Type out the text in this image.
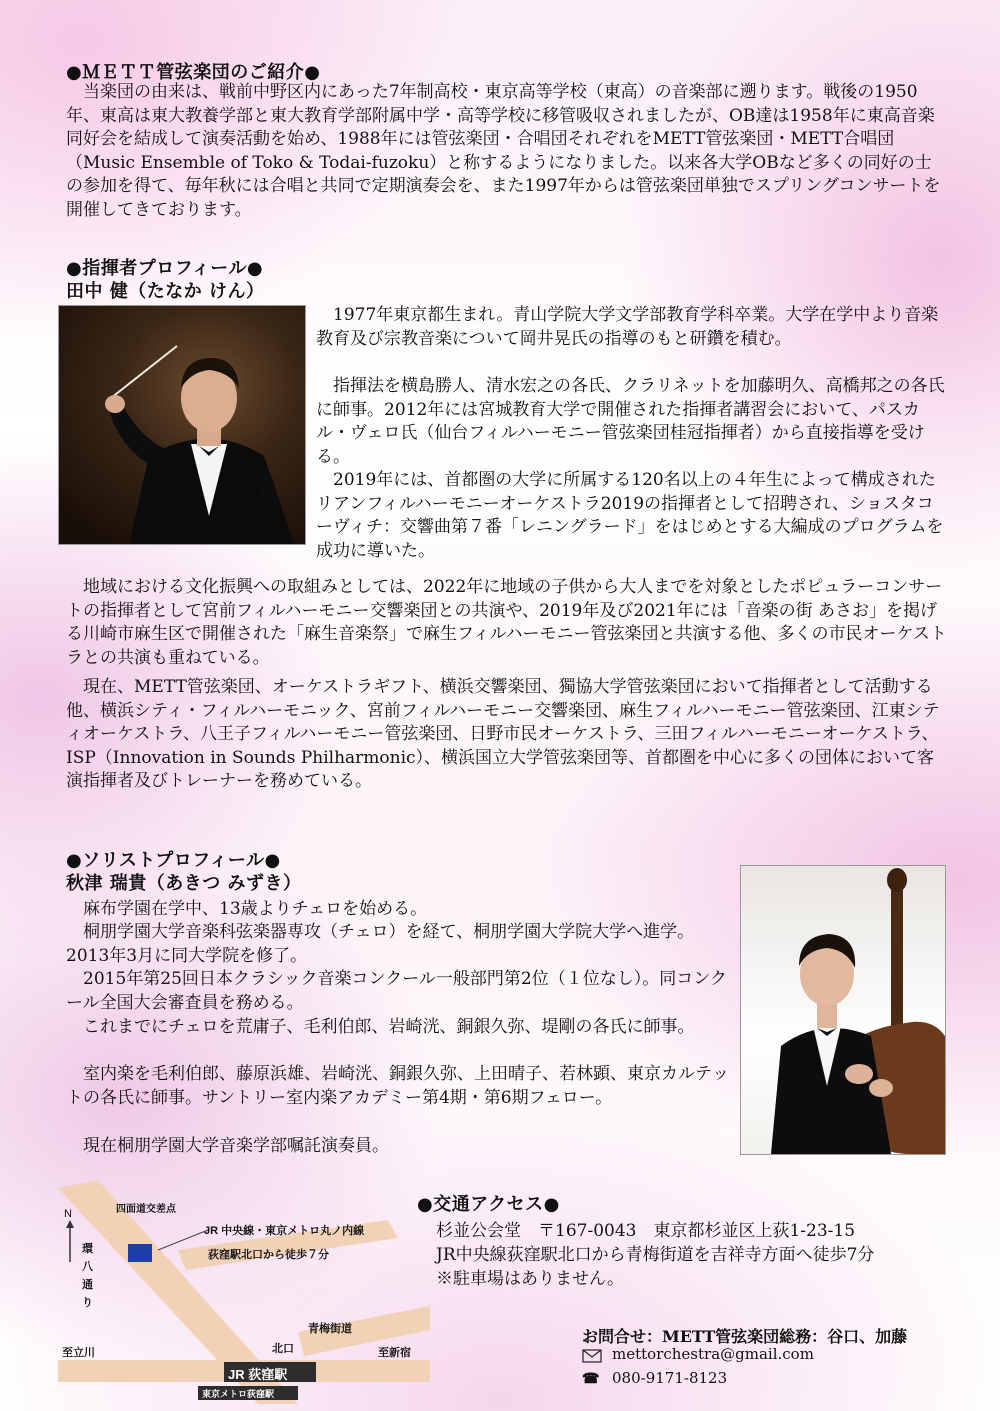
●ＭＥＴＴ管弦楽団のご紹介●

当楽団の由来は、戦前中野区内にあった7年制高校・東京高等学校（東高）の音楽部に遡ります。戦後の1950年、東高は東大教養学部と東大教育学部附属中学・高等学校に移管吸収されましたが、OB達は1958年に東高音楽同好会を結成して演奏活動を始め、1988年には管弦楽団・合唱団それぞれをMETT管弦楽団・METT合唱団（Music Ensemble of Toko & Todai-fuzoku）と称するようになりました。以来各大学OBなど多くの同好の士の参加を得て、毎年秋には合唱と共同で定期演奏会を、また1997年からは管弦楽団単独でスプリングコンサートを開催してきております。

●指揮者プロフィール●
田中 健（たなか けん）

1977年東京都生まれ。青山学院大学文学部教育学科卒業。大学在学中より音楽教育及び宗教音楽について岡井晃氏の指導のもと研鑽を積む。

指揮法を横島勝人、清水宏之の各氏、クラリネットを加藤明久、高橋邦之の各氏に師事。2012年には宮城教育大学で開催された指揮者講習会において、パスカル・ヴェロ氏（仙台フィルハーモニー管弦楽団桂冠指揮者）から直接指導を受ける。

2019年には、首都圏の大学に所属する120名以上の４年生によって構成されたリアンフィルハーモニーオーケストラ2019の指揮者として招聘され、ショスタコーヴィチ：交響曲第７番「レニングラード」をはじめとする大編成のプログラムを成功に導いた。

地域における文化振興への取組みとしては、2022年に地域の子供から大人までを対象としたポピュラーコンサートの指揮者として宮前フィルハーモニー交響楽団との共演や、2019年及び2021年には「音楽の街 あさお」を掲げる川崎市麻生区で開催された「麻生音楽祭」で麻生フィルハーモニー管弦楽団と共演する他、多くの市民オーケストラとの共演も重ねている。

現在、METT管弦楽団、オーケストラギフト、横浜交響楽団、獨協大学管弦楽団において指揮者として活動する他、横浜シティ・フィルハーモニック、宮前フィルハーモニー交響楽団、麻生フィルハーモニー管弦楽団、江東シティオーケストラ、八王子フィルハーモニー管弦楽団、日野市民オーケストラ、三田フィルハーモニーオーケストラ、ISP（Innovation in Sounds Philharmonic）、横浜国立大学管弦楽団等、首都圏を中心に多くの団体において客演指揮者及びトレーナーを務めている。

●ソリストプロフィール●
秋津 瑞貴（あきつ みずき）

麻布学園在学中、13歳よりチェロを始める。

桐朋学園大学音楽科弦楽器専攻（チェロ）を経て、桐朋学園大学院大学へ進学。2013年3月に同大学院を修了。

2015年第25回日本クラシック音楽コンクール一般部門第2位（１位なし）。同コンクール全国大会審査員を務める。

これまでにチェロを荒庸子、毛利伯郎、岩崎洸、銅銀久弥、堤剛の各氏に師事。

室内楽を毛利伯郎、藤原浜雄、岩崎洸、銅銀久弥、上田晴子、若林顕、東京カルテットの各氏に師事。サントリー室内楽アカデミー第4期・第6期フェロー。

現在桐朋学園大学音楽学部嘱託演奏員。

N	四面道交差点
JR 中央線・東京メトロ丸ノ内線
荻窪駅北口から徒歩７分
環八通り
青梅街道
北口
JR 荻窪駅
東京メトロ荻窪駅
至立川	至新宿
●交通アクセス●
杉並公会堂　〒167-0043　東京都杉並区上荻1-23-15
JR中央線荻窪駅北口から青梅街道を吉祥寺方面へ徒歩7分
※駐車場はありません。
お問合せ：METT管弦楽団総務：谷口、加藤
mettorchestra@gmail.com
☎ 080-9171-8123
